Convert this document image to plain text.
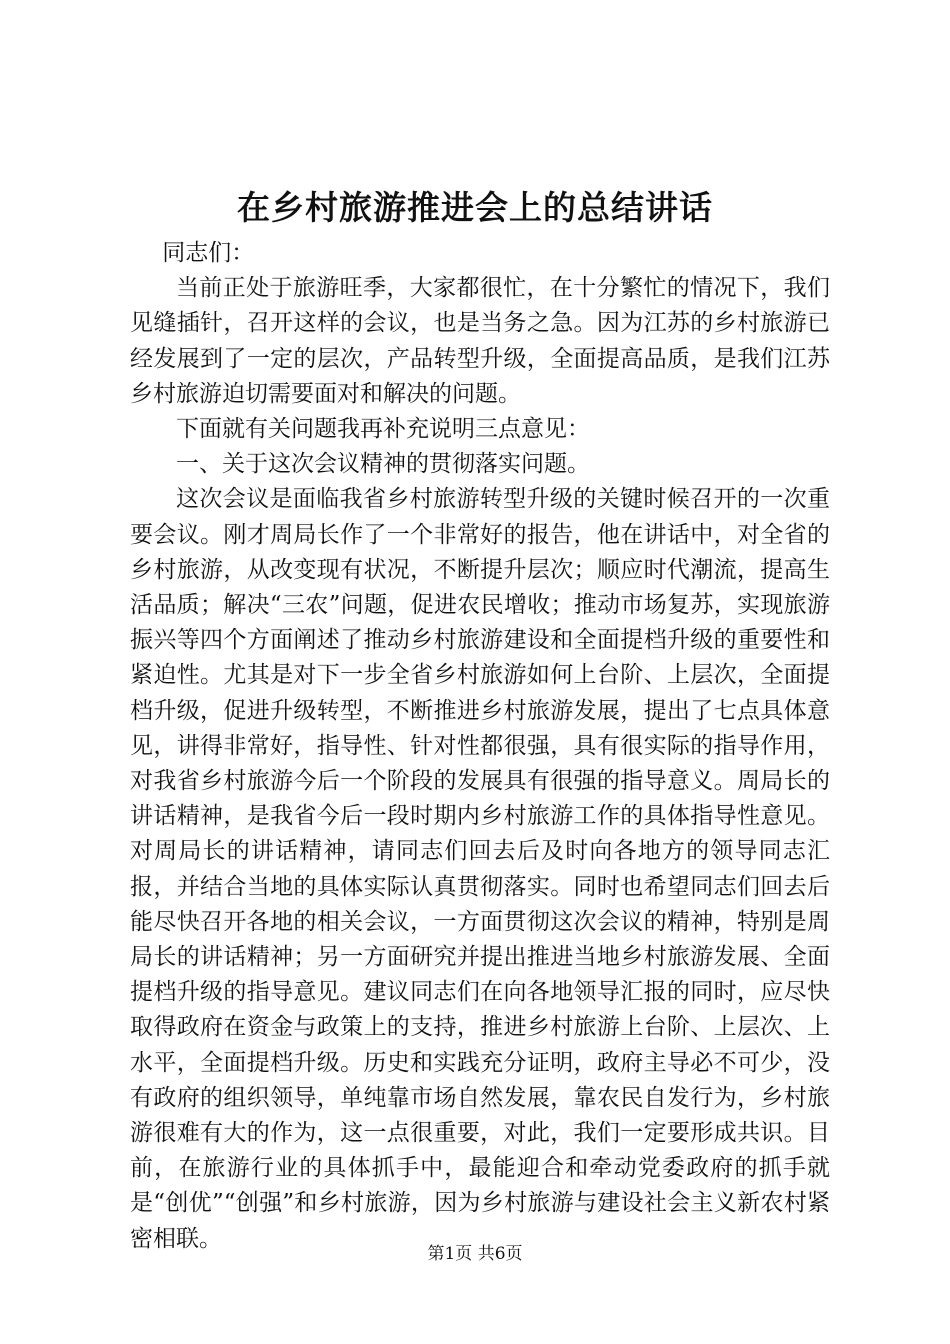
在乡村旅游推进会上的总结讲话

同志们：

当前正处于旅游旺季，大家都很忙，在十分繁忙的情况下，我们见缝插针，召开这样的会议，也是当务之急。因为江苏的乡村旅游已经发展到了一定的层次，产品转型升级，全面提高品质，是我们江苏乡村旅游迫切需要面对和解决的问题。

下面就有关问题我再补充说明三点意见：

一、关于这次会议精神的贯彻落实问题。

这次会议是面临我省乡村旅游转型升级的关键时候召开的一次重要会议。刚才周局长作了一个非常好的报告，他在讲话中，对全省的乡村旅游，从改变现有状况，不断提升层次；顺应时代潮流，提高生活品质；解决“三农”问题，促进农民增收；推动市场复苏，实现旅游振兴等四个方面阐述了推动乡村旅游建设和全面提档升级的重要性和紧迫性。尤其是对下一步全省乡村旅游如何上台阶、上层次，全面提档升级，促进升级转型，不断推进乡村旅游发展，提出了七点具体意见，讲得非常好，指导性、针对性都很强，具有很实际的指导作用，对我省乡村旅游今后一个阶段的发展具有很强的指导意义。周局长的讲话精神，是我省今后一段时期内乡村旅游工作的具体指导性意见。对周局长的讲话精神，请同志们回去后及时向各地方的领导同志汇报，并结合当地的具体实际认真贯彻落实。同时也希望同志们回去后能尽快召开各地的相关会议，一方面贯彻这次会议的精神，特别是周局长的讲话精神；另一方面研究并提出推进当地乡村旅游发展、全面提档升级的指导意见。建议同志们在向各地领导汇报的同时，应尽快取得政府在资金与政策上的支持，推进乡村旅游上台阶、上层次、上水平，全面提档升级。历史和实践充分证明，政府主导必不可少，没有政府的组织领导，单纯靠市场自然发展，靠农民自发行为，乡村旅游很难有大的作为，这一点很重要，对此，我们一定要形成共识。目前，在旅游行业的具体抓手中，最能迎合和牵动党委政府的抓手就是“创优”“创强”和乡村旅游，因为乡村旅游与建设社会主义新农村紧密相联。

第1页 共6页
